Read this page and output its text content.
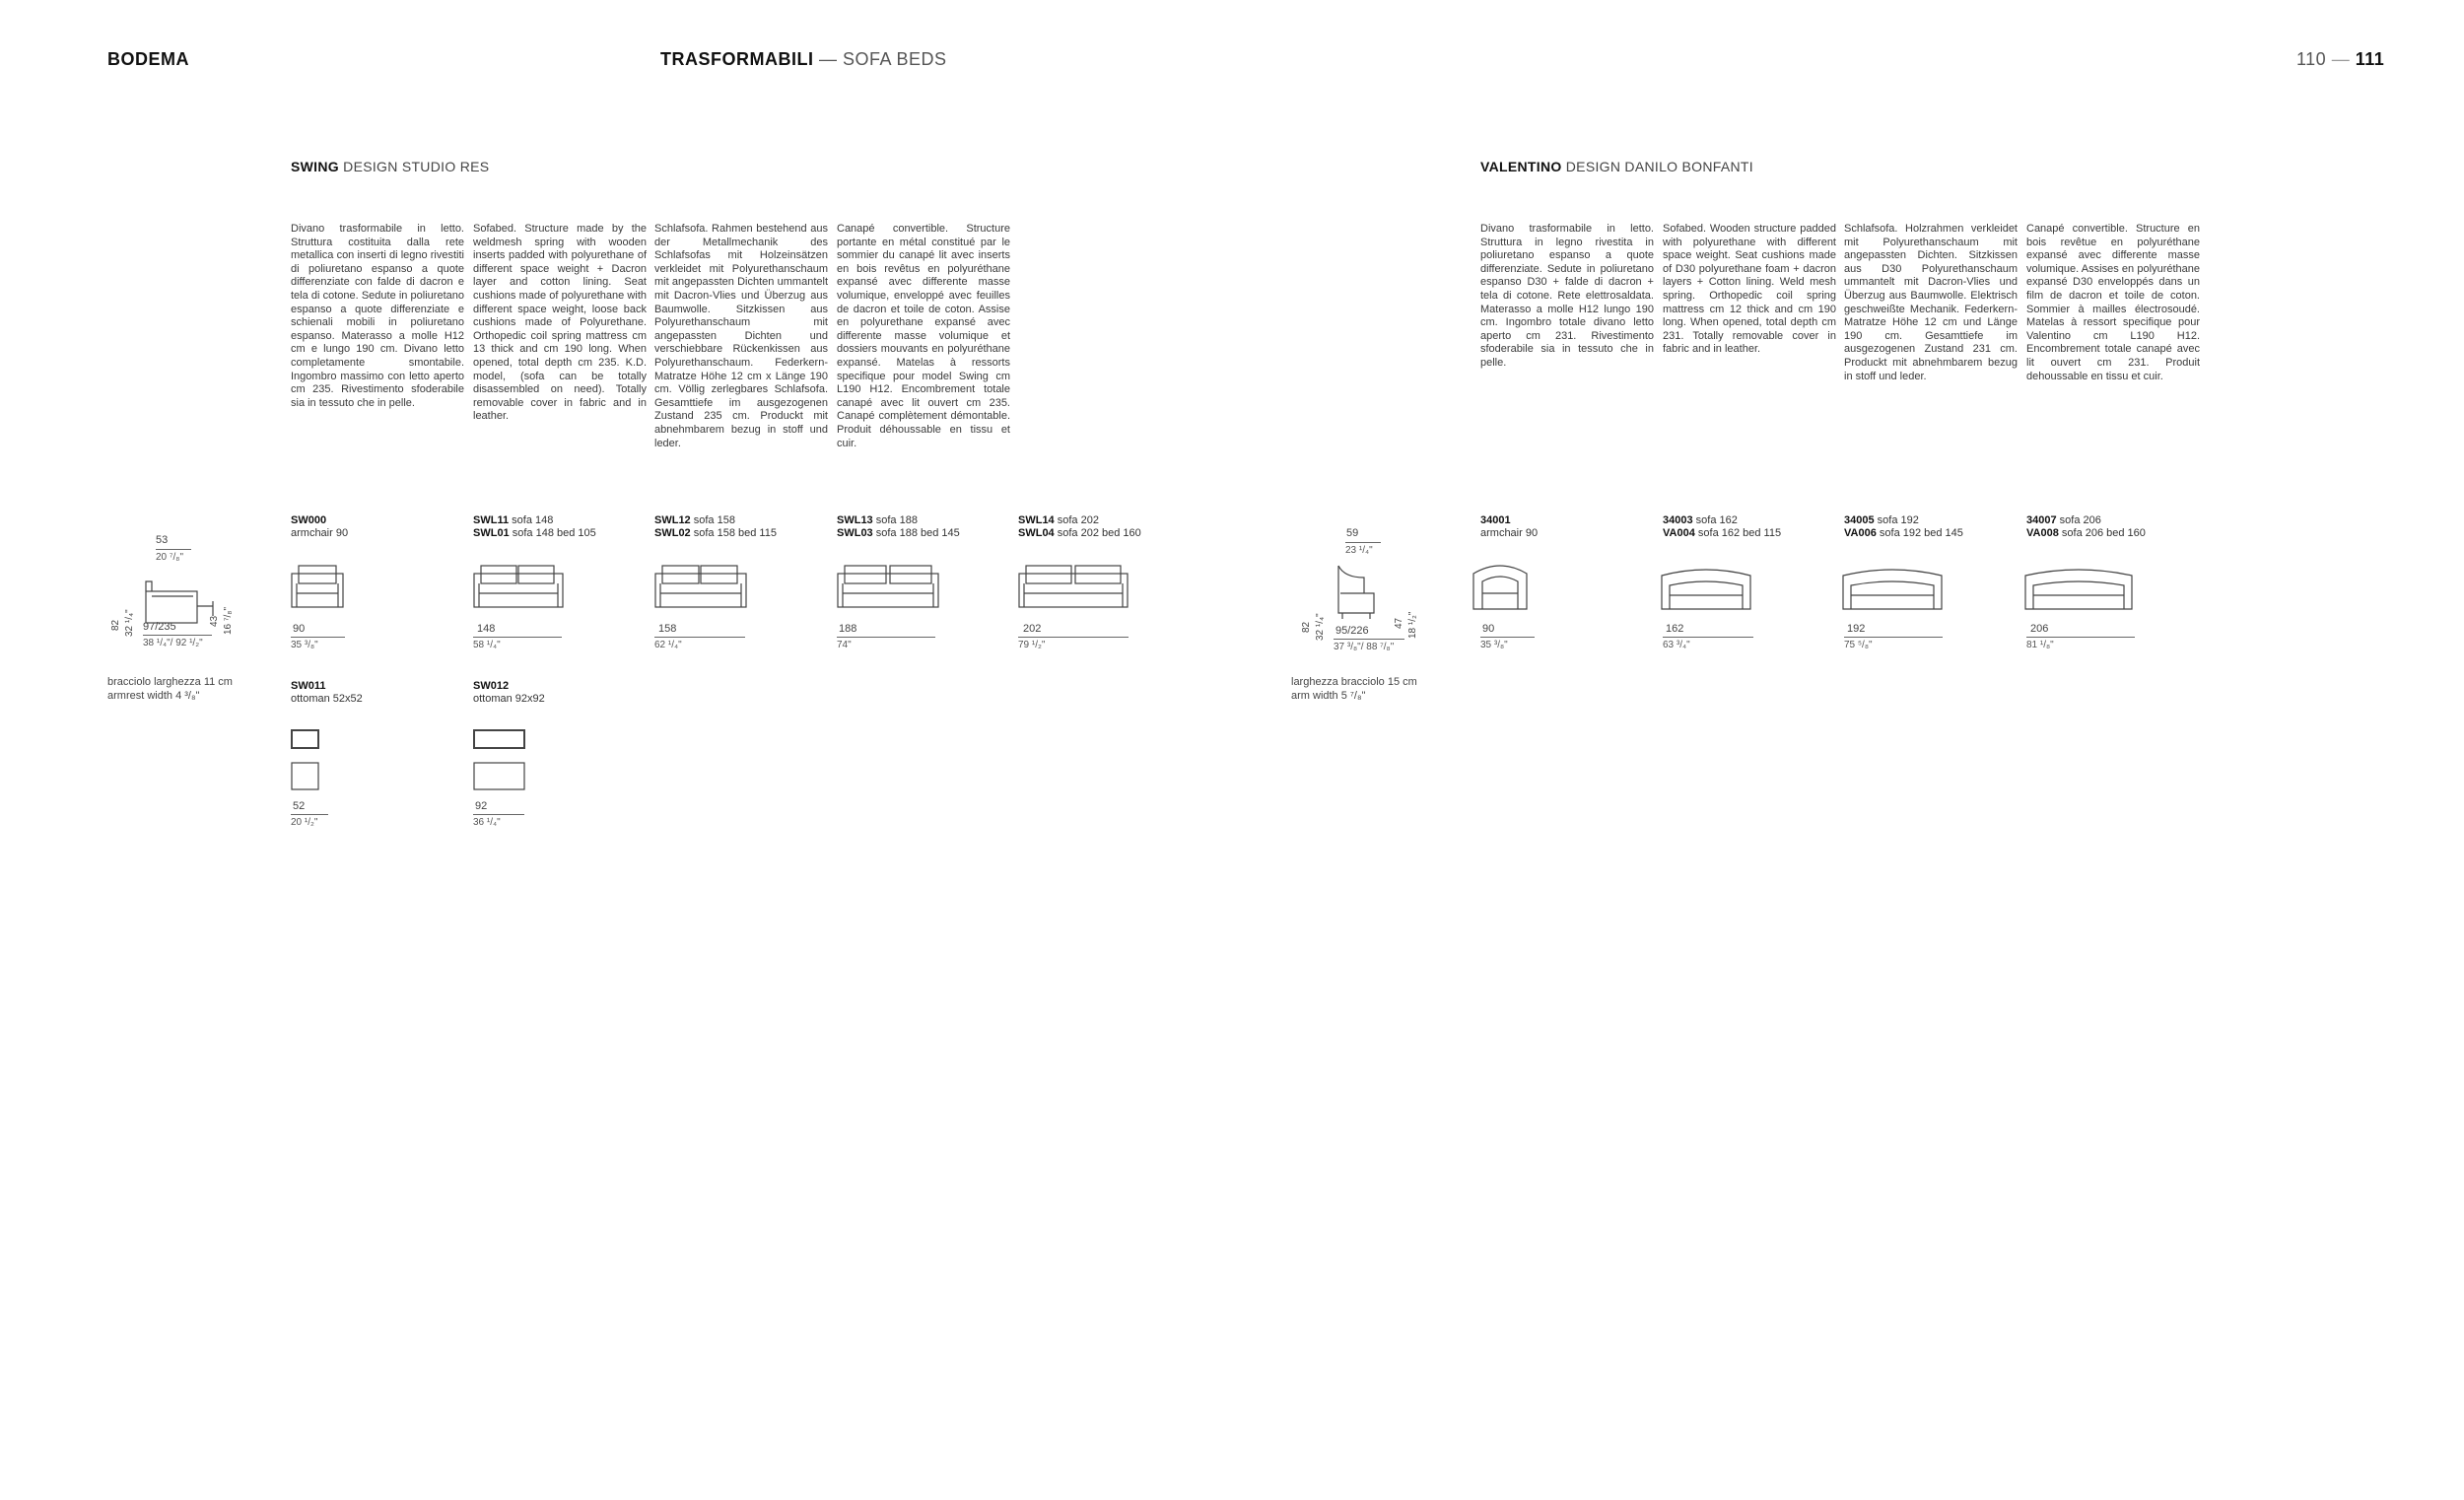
BODEMA	TRASFORMABILI — SOFA BEDS	110 — 111
SWING DESIGN STUDIO RES
Divano trasformabile in letto. Struttura costituita dalla rete metallica con inserti di legno rivestiti di poliuretano espanso a quote differenziate con falde di dacron e tela di cotone. Sedute in poliuretano espanso a quote differenziate e schienali mobili in poliuretano espanso. Materasso a molle H12 cm e lungo 190 cm. Divano letto completamente smontabile. Ingombro massimo con letto aperto cm 235. Rivestimento sfoderabile sia in tessuto che in pelle.
Sofabed. Structure made by the weldmesh spring with wooden inserts padded with polyurethane of different space weight + Dacron layer and cotton lining. Seat cushions made of polyurethane with different space weight, loose back cushions made of Polyurethane. Orthopedic coil spring mattress cm 13 thick and cm 190 long. When opened, total depth cm 235. K.D. model, (sofa can be totally disassembled on need). Totally removable cover in fabric and in leather.
Schlafsofa. Rahmen bestehend aus der Metallmechanik des Schlafsofas mit Holzeinsätzen verkleidet mit Polyurethanschaum mit angepassten Dichten ummantelt mit Dacron-Vlies und Überzug aus Baumwolle. Sitzkissen aus Polyurethanschaum mit angepassten Dichten und verschiebbare Rückenkissen aus Polyurethanschaum. Federkern-Matratze Höhe 12 cm x Länge 190 cm. Völlig zerlegbares Schlafsofa. Gesamttiefe im ausgezogenen Zustand 235 cm. Produckt mit abnehmbarem bezug in stoff und leder.
Canapé convertible. Structure portante en métal constitué par le sommier du canapé lit avec inserts en bois revêtus en polyuréthane expansé avec differente masse volumique, enveloppé avec feuilles de dacron et toile de coton. Assise en polyurethane expansé avec differente masse volumique et dossiers mouvants en polyuréthane expansé. Matelas à ressorts specifique pour model Swing cm L190 H12. Encombrement totale canapé avec lit ouvert cm 235. Canapé complètement démontable. Produit déhoussable en tissu et cuir.
53
20 ⁷/₈"
82 32 ¹/₄"	43 16 ⁷/₈"
97/235
38 ¹/₄"/ 92 ¹/₂"
bracciolo larghezza 11 cm
armrest width 4 ³/₈"
SW000
armchair 90
90
35 ³/₈"
SWL11 sofa 148
SWL01 sofa 148 bed 105
148
58 ¹/₄"
SWL12 sofa 158
SWL02 sofa 158 bed 115
158
62 ¹/₄"
SWL13 sofa 188
SWL03 sofa 188 bed 145
188
74"
SWL14 sofa 202
SWL04 sofa 202 bed 160
202
79 ¹/₂"
SW011
ottoman 52x52
52
20 ¹/₂"
SW012
ottoman 92x92
92
36 ¹/₄"
VALENTINO DESIGN DANILO BONFANTI
Divano trasformabile in letto. Struttura in legno rivestita in poliuretano espanso a quote differenziate. Sedute in poliuretano espanso D30 + falde di dacron + tela di cotone. Rete elettrosaldata. Materasso a molle H12 lungo 190 cm. Ingombro totale divano letto aperto cm 231. Rivestimento sfoderabile sia in tessuto che in pelle.
Sofabed. Wooden structure padded with polyurethane with different space weight. Seat cushions made of D30 polyurethane foam + dacron layers + Cotton lining. Weld mesh spring. Orthopedic coil spring mattress cm 12 thick and cm 190 long. When opened, total depth cm 231. Totally removable cover in fabric and in leather.
Schlafsofa. Holzrahmen verkleidet mit Polyurethanschaum mit angepassten Dichten. Sitzkissen aus D30 Polyurethanschaum ummantelt mit Dacron-Vlies und Überzug aus Baumwolle. Elektrisch geschweißte Mechanik. Federkern-Matratze Höhe 12 cm und Länge 190 cm. Gesamttiefe im ausgezogenen Zustand 231 cm. Produckt mit abnehmbarem bezug in stoff und leder.
Canapé convertible. Structure en bois revêtue en polyuréthane expansé avec differente masse volumique. Assises en polyuréthane expansé D30 enveloppés dans un film de dacron et toile de coton. Sommier à mailles électrosoudé. Matelas à ressort specifique pour Valentino cm L190 H12. Encombrement totale canapé avec lit ouvert cm 231. Produit dehoussable en tissu et cuir.
59
23 ¹/₄"
82 32 ¹/₄"	47 18 ¹/₂"
95/226
37 ³/₈"/ 88 ⁷/₈"
larghezza bracciolo 15 cm
arm width 5 ⁷/₈"
34001
armchair 90
90
35 ³/₈"
34003 sofa 162
VA004 sofa 162 bed 115
162
63 ³/₄"
34005 sofa 192
VA006 sofa 192 bed 145
192
75 ⁵/₈"
34007 sofa 206
VA008 sofa 206 bed 160
206
81 ¹/₈"
